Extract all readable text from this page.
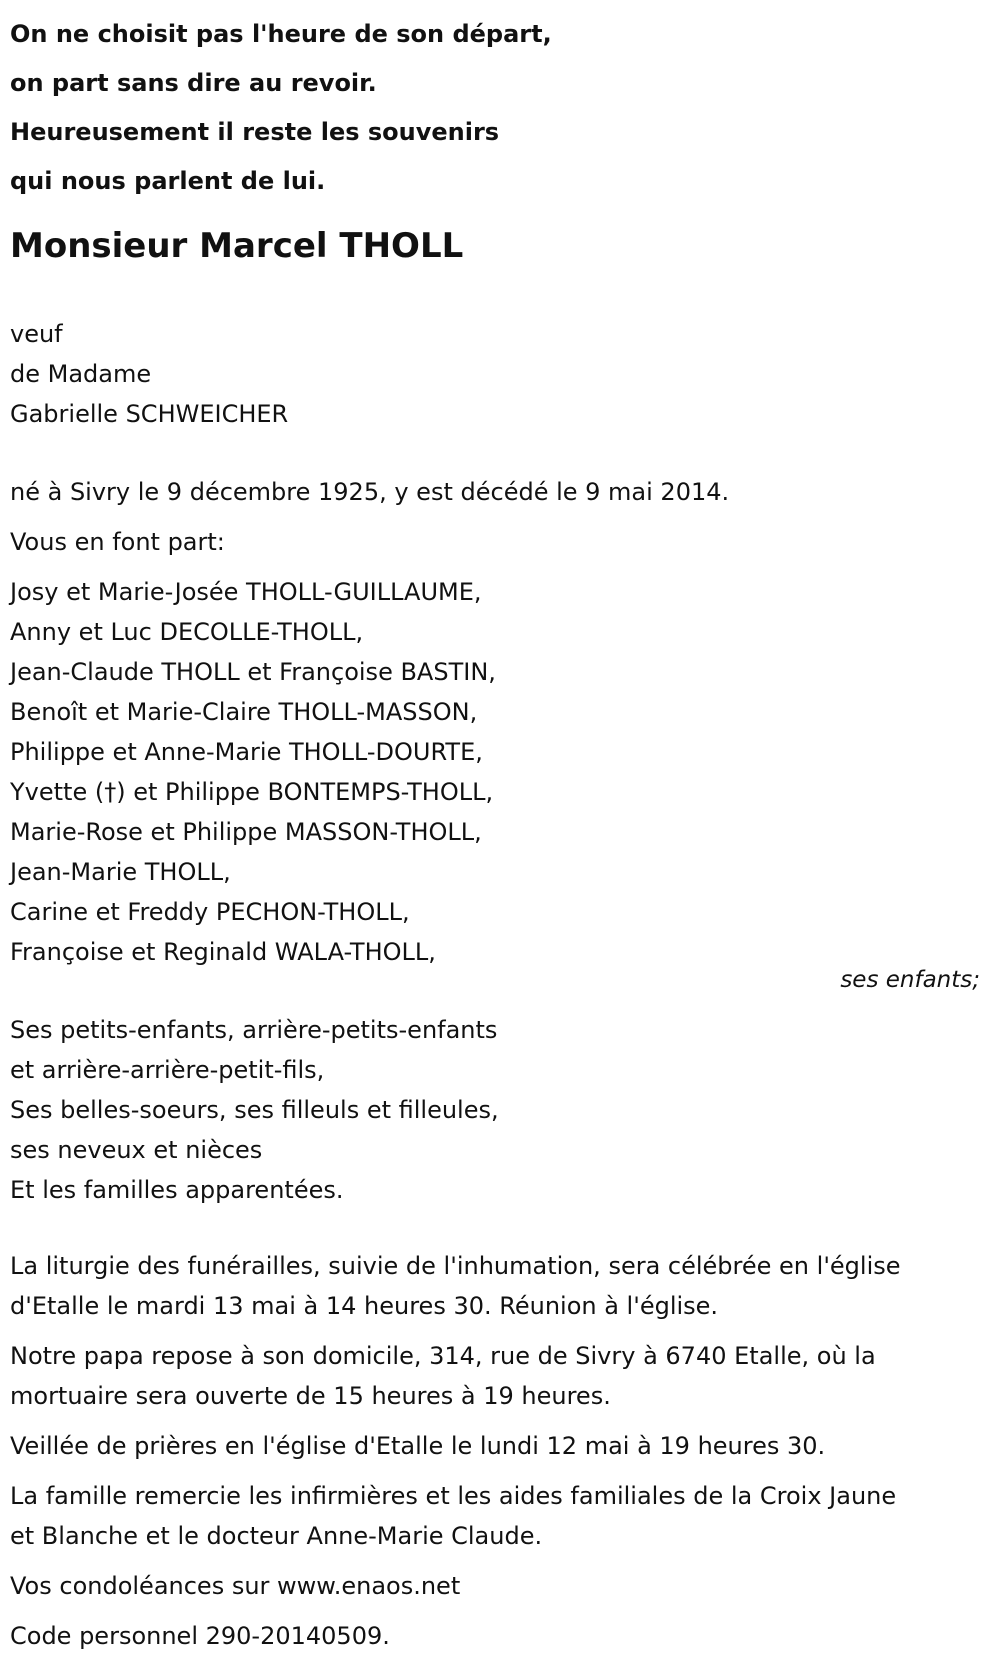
On ne choisit pas l'heure de son départ,
on part sans dire au revoir.
Heureusement il reste les souvenirs
qui nous parlent de lui.
Monsieur Marcel THOLL
veuf
de Madame
Gabrielle SCHWEICHER
né à Sivry le 9 décembre 1925, y est décédé le 9 mai 2014.
Vous en font part:
Josy et Marie-Josée THOLL-GUILLAUME,
Anny et Luc DECOLLE-THOLL,
Jean-Claude THOLL et Françoise BASTIN,
Benoît et Marie-Claire THOLL-MASSON,
Philippe et Anne-Marie THOLL-DOURTE,
Yvette (†) et Philippe BONTEMPS-THOLL,
Marie-Rose et Philippe MASSON-THOLL,
Jean-Marie THOLL,
Carine et Freddy PECHON-THOLL,
Françoise et Reginald WALA-THOLL,
ses enfants;
Ses petits-enfants, arrière-petits-enfants
et arrière-arrière-petit-fils,
Ses belles-soeurs, ses filleuls et filleules,
ses neveux et nièces
Et les familles apparentées.
La liturgie des funérailles, suivie de l'inhumation, sera célébrée en l'église
d'Etalle le mardi 13 mai à 14 heures 30. Réunion à l'église.
Notre papa repose à son domicile, 314, rue de Sivry à 6740 Etalle, où la
mortuaire sera ouverte de 15 heures à 19 heures.
Veillée de prières en l'église d'Etalle le lundi 12 mai à 19 heures 30.
La famille remercie les infirmières et les aides familiales de la Croix Jaune
et Blanche et le docteur Anne-Marie Claude.
Vos condoléances sur www.enaos.net
Code personnel 290-20140509.
